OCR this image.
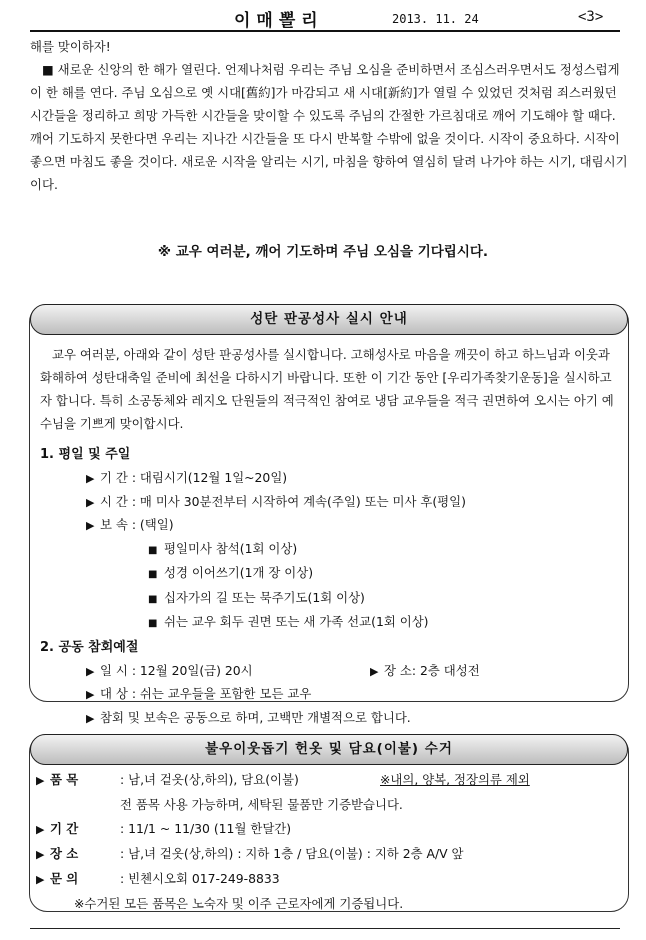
이매뽈리	2013. 11. 24	<3>

해를 맞이하자!

■ 새로운 신앙의 한 해가 열린다. 언제나처럼 우리는 주님 오심을 준비하면서 조심스러우면서도 정성스럽게 이 한 해를 연다. 주님 오심으로 옛 시대[舊約]가 마감되고 새 시대[新約]가 열릴 수 있었던 것처럼 죄스러웠던 시간들을 정리하고 희망 가득한 시간들을 맞이할 수 있도록 주님의 간절한 가르침대로 깨어 기도해야 할 때다. 깨어 기도하지 못한다면 우리는 지나간 시간들을 또 다시 반복할 수밖에 없을 것이다. 시작이 중요하다. 시작이 좋으면 마침도 좋을 것이다. 새로운 시작을 알리는 시기, 마침을 향하여 열심히 달려 나가야 하는 시기, 대림시기이다.

※ 교우 여러분, 깨어 기도하며 주님 오심을 기다립시다.
성탄 판공성사 실시 안내

교우 여러분, 아래와 같이 성탄 판공성사를 실시합니다. 고해성사로 마음을 깨끗이 하고 하느님과 이웃과 화해하여 성탄대축일 준비에 최선을 다하시기 바랍니다. 또한 이 기간 동안 [우리가족찾기운동]을 실시하고자 합니다. 특히 소공동체와 레지오 단원들의 적극적인 참여로 냉담 교우들을 적극 권면하여 오시는 아기 예수님을 기쁘게 맞이합시다.

1. 평일 및 주일
▶ 기 간 : 대림시기(12월 1일~20일)
▶ 시 간 : 매 미사 30분전부터 시작하여 계속(주일) 또는 미사 후(평일)
▶ 보 속 : (택일)
■ 평일미사 참석(1회 이상)
■ 성경 이어쓰기(1개 장 이상)
■ 십자가의 길 또는 묵주기도(1회 이상)
■ 쉬는 교우 회두 권면 또는 새 가족 선교(1회 이상)
2. 공동 참회예절
▶ 일 시 : 12월 20일(금) 20시	▶ 장 소: 2층 대성전
▶ 대 상 : 쉬는 교우들을 포함한 모든 교우
▶ 참회 및 보속은 공동으로 하며, 고백만 개별적으로 합니다.
불우이웃돕기 헌옷 및 담요(이불) 수거
▶ 품 목	: 남,녀 겉옷(상,하의), 담요(이불)	※내의, 양복, 정장의류 제외
전 품목 사용 가능하며, 세탁된 물품만 기증받습니다.
▶ 기 간	: 11/1 ~ 11/30 (11월 한달간)
▶ 장 소	: 남,녀 겉옷(상,하의) : 지하 1층 / 담요(이불) : 지하 2층 A/V 앞
▶ 문 의	: 빈첸시오회 017-249-8833
※수거된 모든 품목은 노숙자 및 이주 근로자에게 기증됩니다.
